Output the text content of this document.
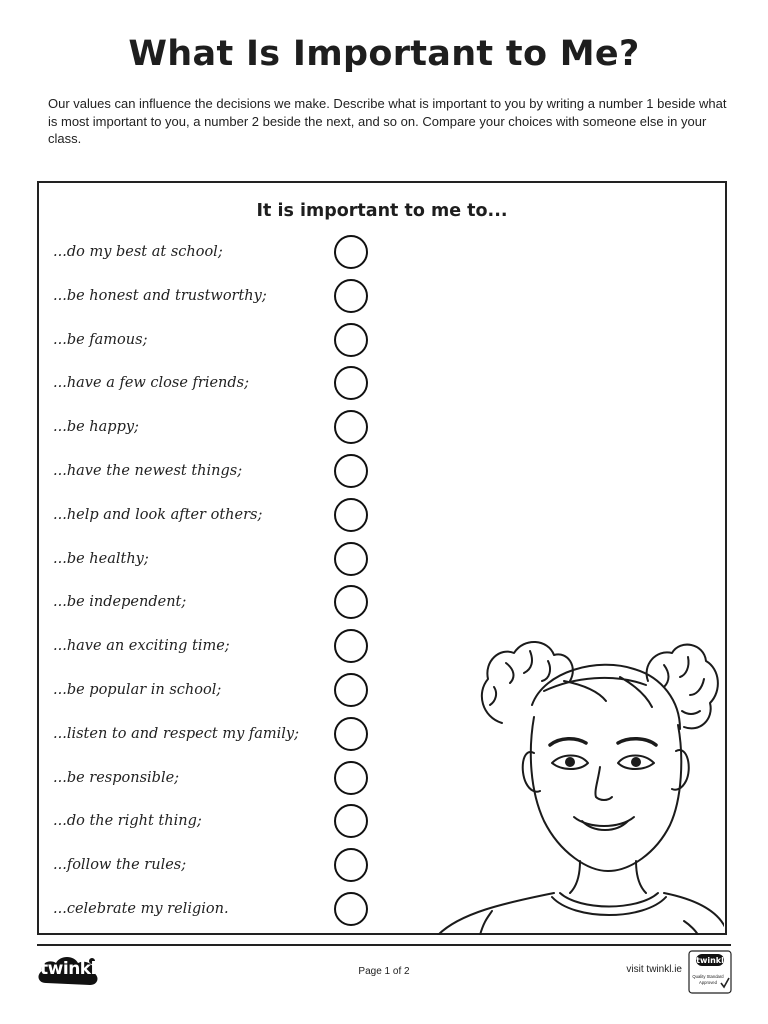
What Is Important to Me?
Our values can influence the decisions we make. Describe what is important to you by writing a number 1 beside what is most important to you, a number 2 beside the next, and so on. Compare your choices with someone else in your class.
It is important to me to...
...do my best at school;
...be honest and trustworthy;
...be famous;
...have a few close friends;
...be happy;
...have the newest things;
...help and look after others;
...be healthy;
...be independent;
...have an exciting time;
...be popular in school;
...listen to and respect my family;
...be responsible;
...do the right thing;
...follow the rules;
...celebrate my religion.
twinkl	Page 1 of 2	visit twinkl.ie
twinkl
Quality Standard
Approved
